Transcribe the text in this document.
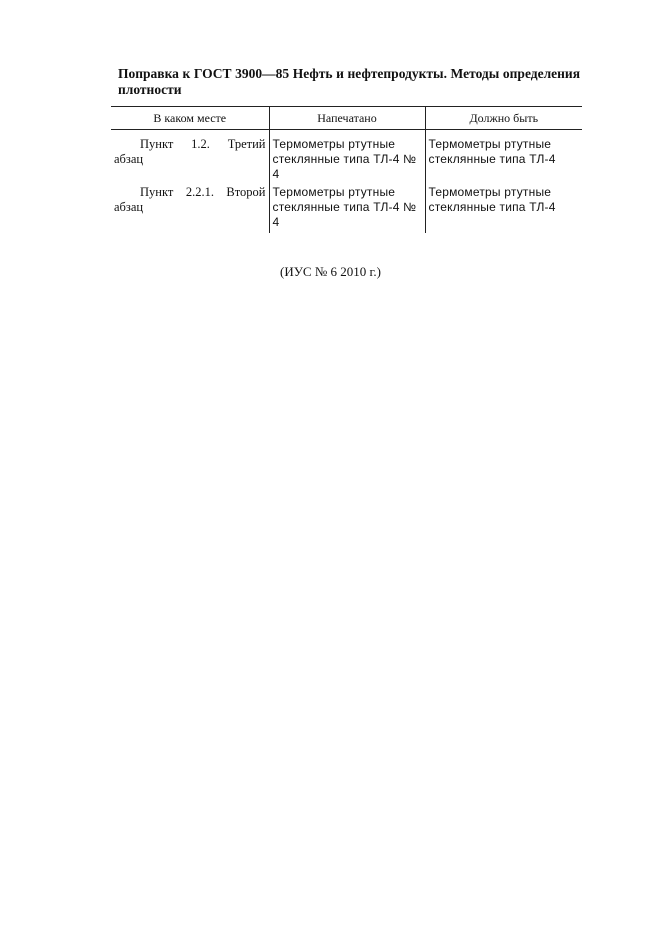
Поправка к ГОСТ 3900—85 Нефть и нефтепродукты. Методы определения плотности
В каком месте	Напечатано	Должно быть
Пункт 1.2. Третий абзац	Термометры ртутные стеклянные типа ТЛ-4 № 4	Термометры ртутные стеклянные типа ТЛ-4
Пункт 2.2.1. Второй абзац	Термометры ртутные стеклянные типа ТЛ-4 № 4	Термометры ртутные стеклянные типа ТЛ-4
(ИУС № 6 2010 г.)
